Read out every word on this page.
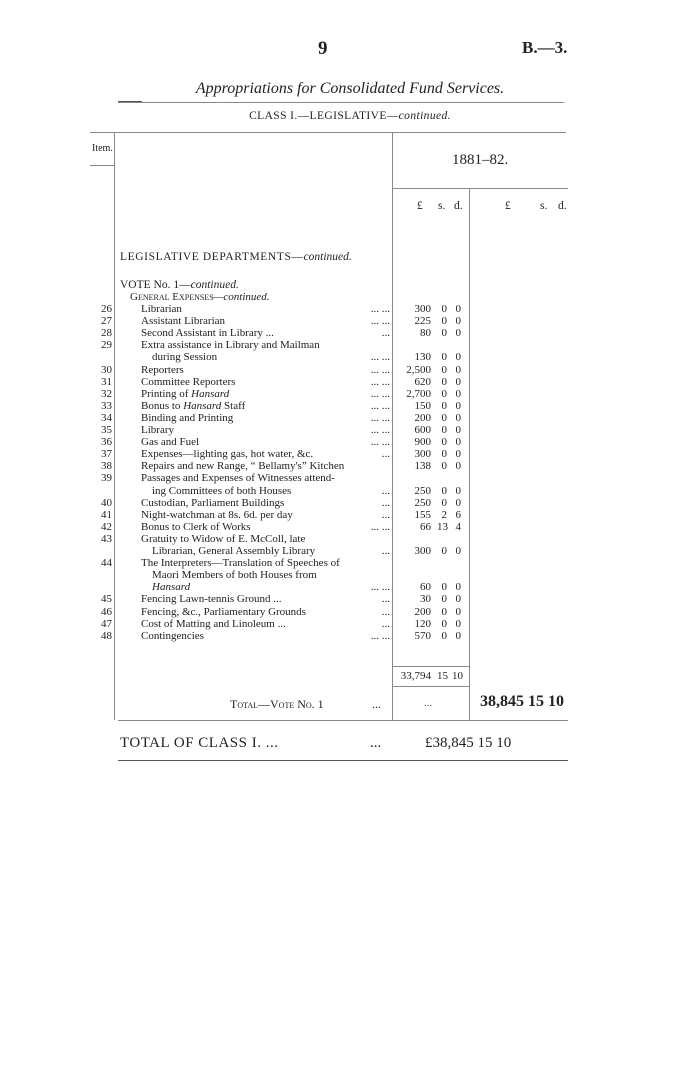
9	B.—3.
Appropriations for Consolidated Fund Services.
CLASS I.—LEGISLATIVE—continued.
Item.
1881–82.
£ s. d.	£	s. d.
LEGISLATIVE DEPARTMENTS—continued.
VOTE No. 1—continued.
General Expenses—continued.
26	Librarian	... ...	300 0 0
27	Assistant Librarian	... ...	225 0 0
28	Second Assistant in Library ...	...	80 0 0
29	Extra assistance in Library and Mailman
during Session	... ...	130 0 0
30	Reporters	... ...	2,500 0 0
31	Committee Reporters	... ...	620 0 0
32	Printing of Hansard	... ...	2,700 0 0
33	Bonus to Hansard Staff	... ...	150 0 0
34	Binding and Printing	... ...	200 0 0
35	Library	... ...	600 0 0
36	Gas and Fuel	... ...	900 0 0
37	Expenses—lighting gas, hot water, &c.	...	300 0 0
38	Repairs and new Range, “ Bellamy's” Kitchen	138 0 0
39	Passages and Expenses of Witnesses attend-
ing Committees of both Houses	...	250 0 0
40	Custodian, Parliament Buildings	...	250 0 0
41	Night-watchman at 8s. 6d. per day	...	155 2 6
42	Bonus to Clerk of Works	... ...	66 13 4
43	Gratuity to Widow of E. McColl, late
Librarian, General Assembly Library	...	300 0 0
44	The Interpreters—Translation of Speeches of
Maori Members of both Houses from
Hansard	... ...	60 0 0
45	Fencing Lawn-tennis Ground ...	...	30 0 0
46	Fencing, &c., Parliamentary Grounds	...	200 0 0
47	Cost of Matting and Linoleum ...	...	120 0 0
48	Contingencies	... ...	570 0 0
33,794 15 10
Total—Vote No. 1	...	...	38,845 15 10
TOTAL OF CLASS I. ...	...	£38,845 15 10
